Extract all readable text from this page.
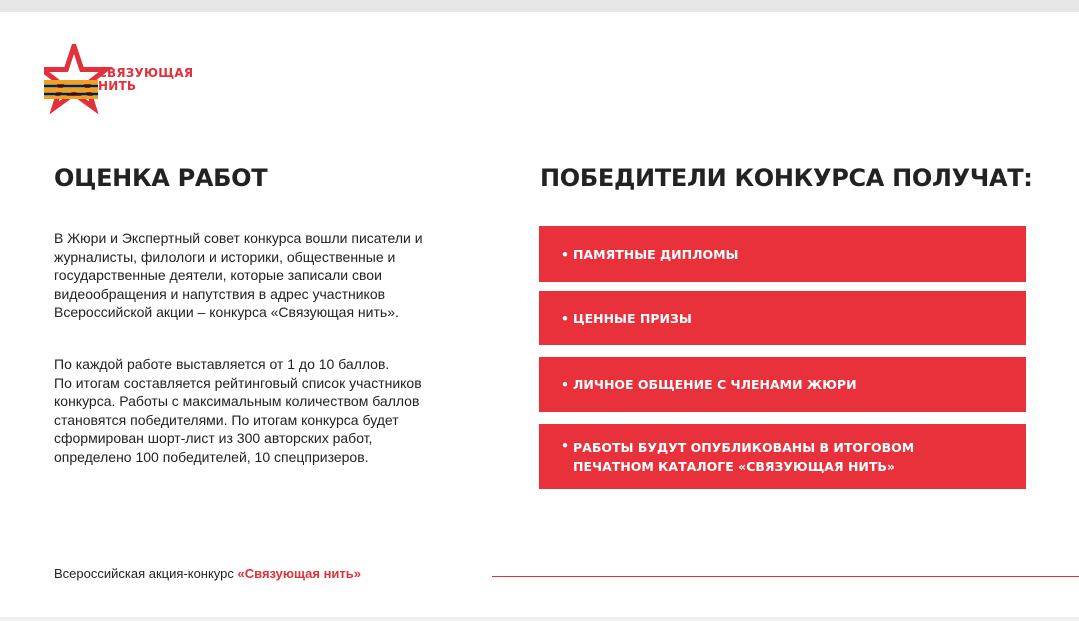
СВЯЗУЮЩАЯ
НИТЬ
ОЦЕНКА РАБОТ
В Жюри и Экспертный совет конкурса вошли писатели и
журналисты, филологи и историки, общественные и
государственные деятели, которые записали свои
видеообращения и напутствия в адрес участников
Всероссийской акции – конкурса «Связующая нить».
По каждой работе выставляется от 1 до 10 баллов.
По итогам составляется рейтинговый список участников
конкурса. Работы с максимальным количеством баллов
становятся победителями. По итогам конкурса будет
сформирован шорт-лист из 300 авторских работ,
определено 100 победителей, 10 спецпризеров.
ПОБЕДИТЕЛИ КОНКУРСА ПОЛУЧАТ:
• ПАМЯТНЫЕ ДИПЛОМЫ
• ЦЕННЫЕ ПРИЗЫ
• ЛИЧНОЕ ОБЩЕНИЕ С ЧЛЕНАМИ ЖЮРИ
• РАБОТЫ БУДУТ ОПУБЛИКОВАНЫ В ИТОГОВОМ
ПЕЧАТНОМ КАТАЛОГЕ «СВЯЗУЮЩАЯ НИТЬ»
Всероссийская акция-конкурс «Связующая нить»
